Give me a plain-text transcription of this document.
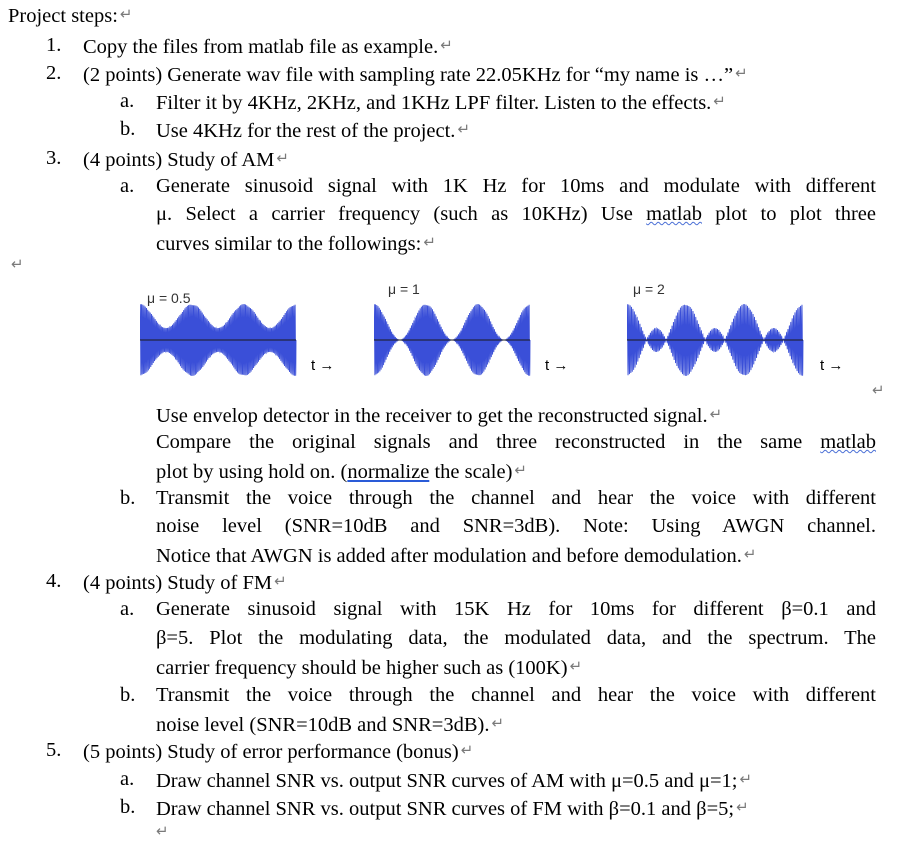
Project steps: ↵
1. Copy the files from matlab file as example. ↵
2. (2 points) Generate wav file with sampling rate 22.05KHz for “my name is …” ↵
a. Filter it by 4KHz, 2KHz, and 1KHz LPF filter. Listen to the effects. ↵
b. Use 4KHz for the rest of the project. ↵
3. (4 points) Study of AM ↵
a. Generate sinusoid signal with 1K Hz for 10ms and modulate with different
μ. Select a carrier frequency (such as 10KHz) Use matlab plot to plot three
curves similar to the followings: ↵
↵
μ = 0.5
μ = 1	μ = 2
t →	t →	t →
↵
Use envelop detector in the receiver to get the reconstructed signal. ↵
Compare the original signals and three reconstructed in the same matlab
plot by using hold on. (normalize the scale) ↵
b. Transmit the voice through the channel and hear the voice with different
noise level (SNR=10dB and SNR=3dB). Note: Using AWGN channel.
Notice that AWGN is added after modulation and before demodulation. ↵
4. (4 points) Study of FM ↵
a. Generate sinusoid signal with 15K Hz for 10ms for different β=0.1 and
β=5. Plot the modulating data, the modulated data, and the spectrum. The
carrier frequency should be higher such as (100K) ↵
b. Transmit the voice through the channel and hear the voice with different
noise level (SNR=10dB and SNR=3dB). ↵
5. (5 points) Study of error performance (bonus) ↵
a. Draw channel SNR vs. output SNR curves of AM with μ=0.5 and μ=1; ↵
b. Draw channel SNR vs. output SNR curves of FM with β=0.1 and β=5; ↵
↵
